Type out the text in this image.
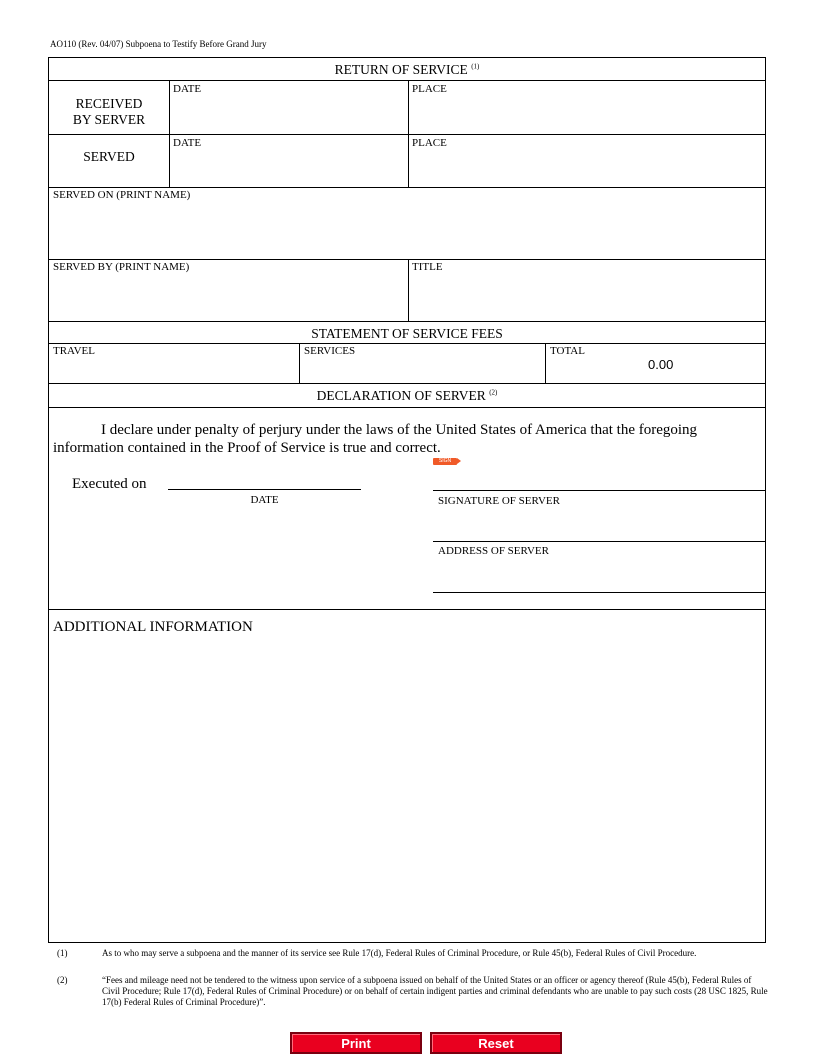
AO110 (Rev. 04/07) Subpoena to Testify Before Grand Jury
RETURN OF SERVICE $^{(1)}$
RECEIVED
BY SERVER
DATE	PLACE
SERVED
DATE	PLACE
SERVED ON (PRINT NAME)
SERVED BY (PRINT NAME)	TITLE
STATEMENT OF SERVICE FEES
TRAVEL	SERVICES	TOTAL
0.00
DECLARATION OF SERVER $^{(2)}$
I declare under penalty of perjury under the laws of the United States of America that the foregoing information contained in the Proof of Service is true and correct.
Executed on
DATE	SIGNATURE OF SERVER
ADDRESS OF SERVER
ADDITIONAL INFORMATION
SIGN
(1)	As to who may serve a subpoena and the manner of its service see Rule 17(d), Federal Rules of Criminal Procedure, or Rule 45(b), Federal Rules of Civil Procedure.
(2)	“Fees and mileage need not be tendered to the witness upon service of a subpoena issued on behalf of the United States or an officer or agency thereof (Rule 45(b), Federal Rules of Civil Procedure; Rule 17(d), Federal Rules of Criminal Procedure) or on behalf of certain indigent parties and criminal defendants who are unable to pay such costs (28 USC 1825, Rule 17(b) Federal Rules of Criminal Procedure)”.
Print	Reset
